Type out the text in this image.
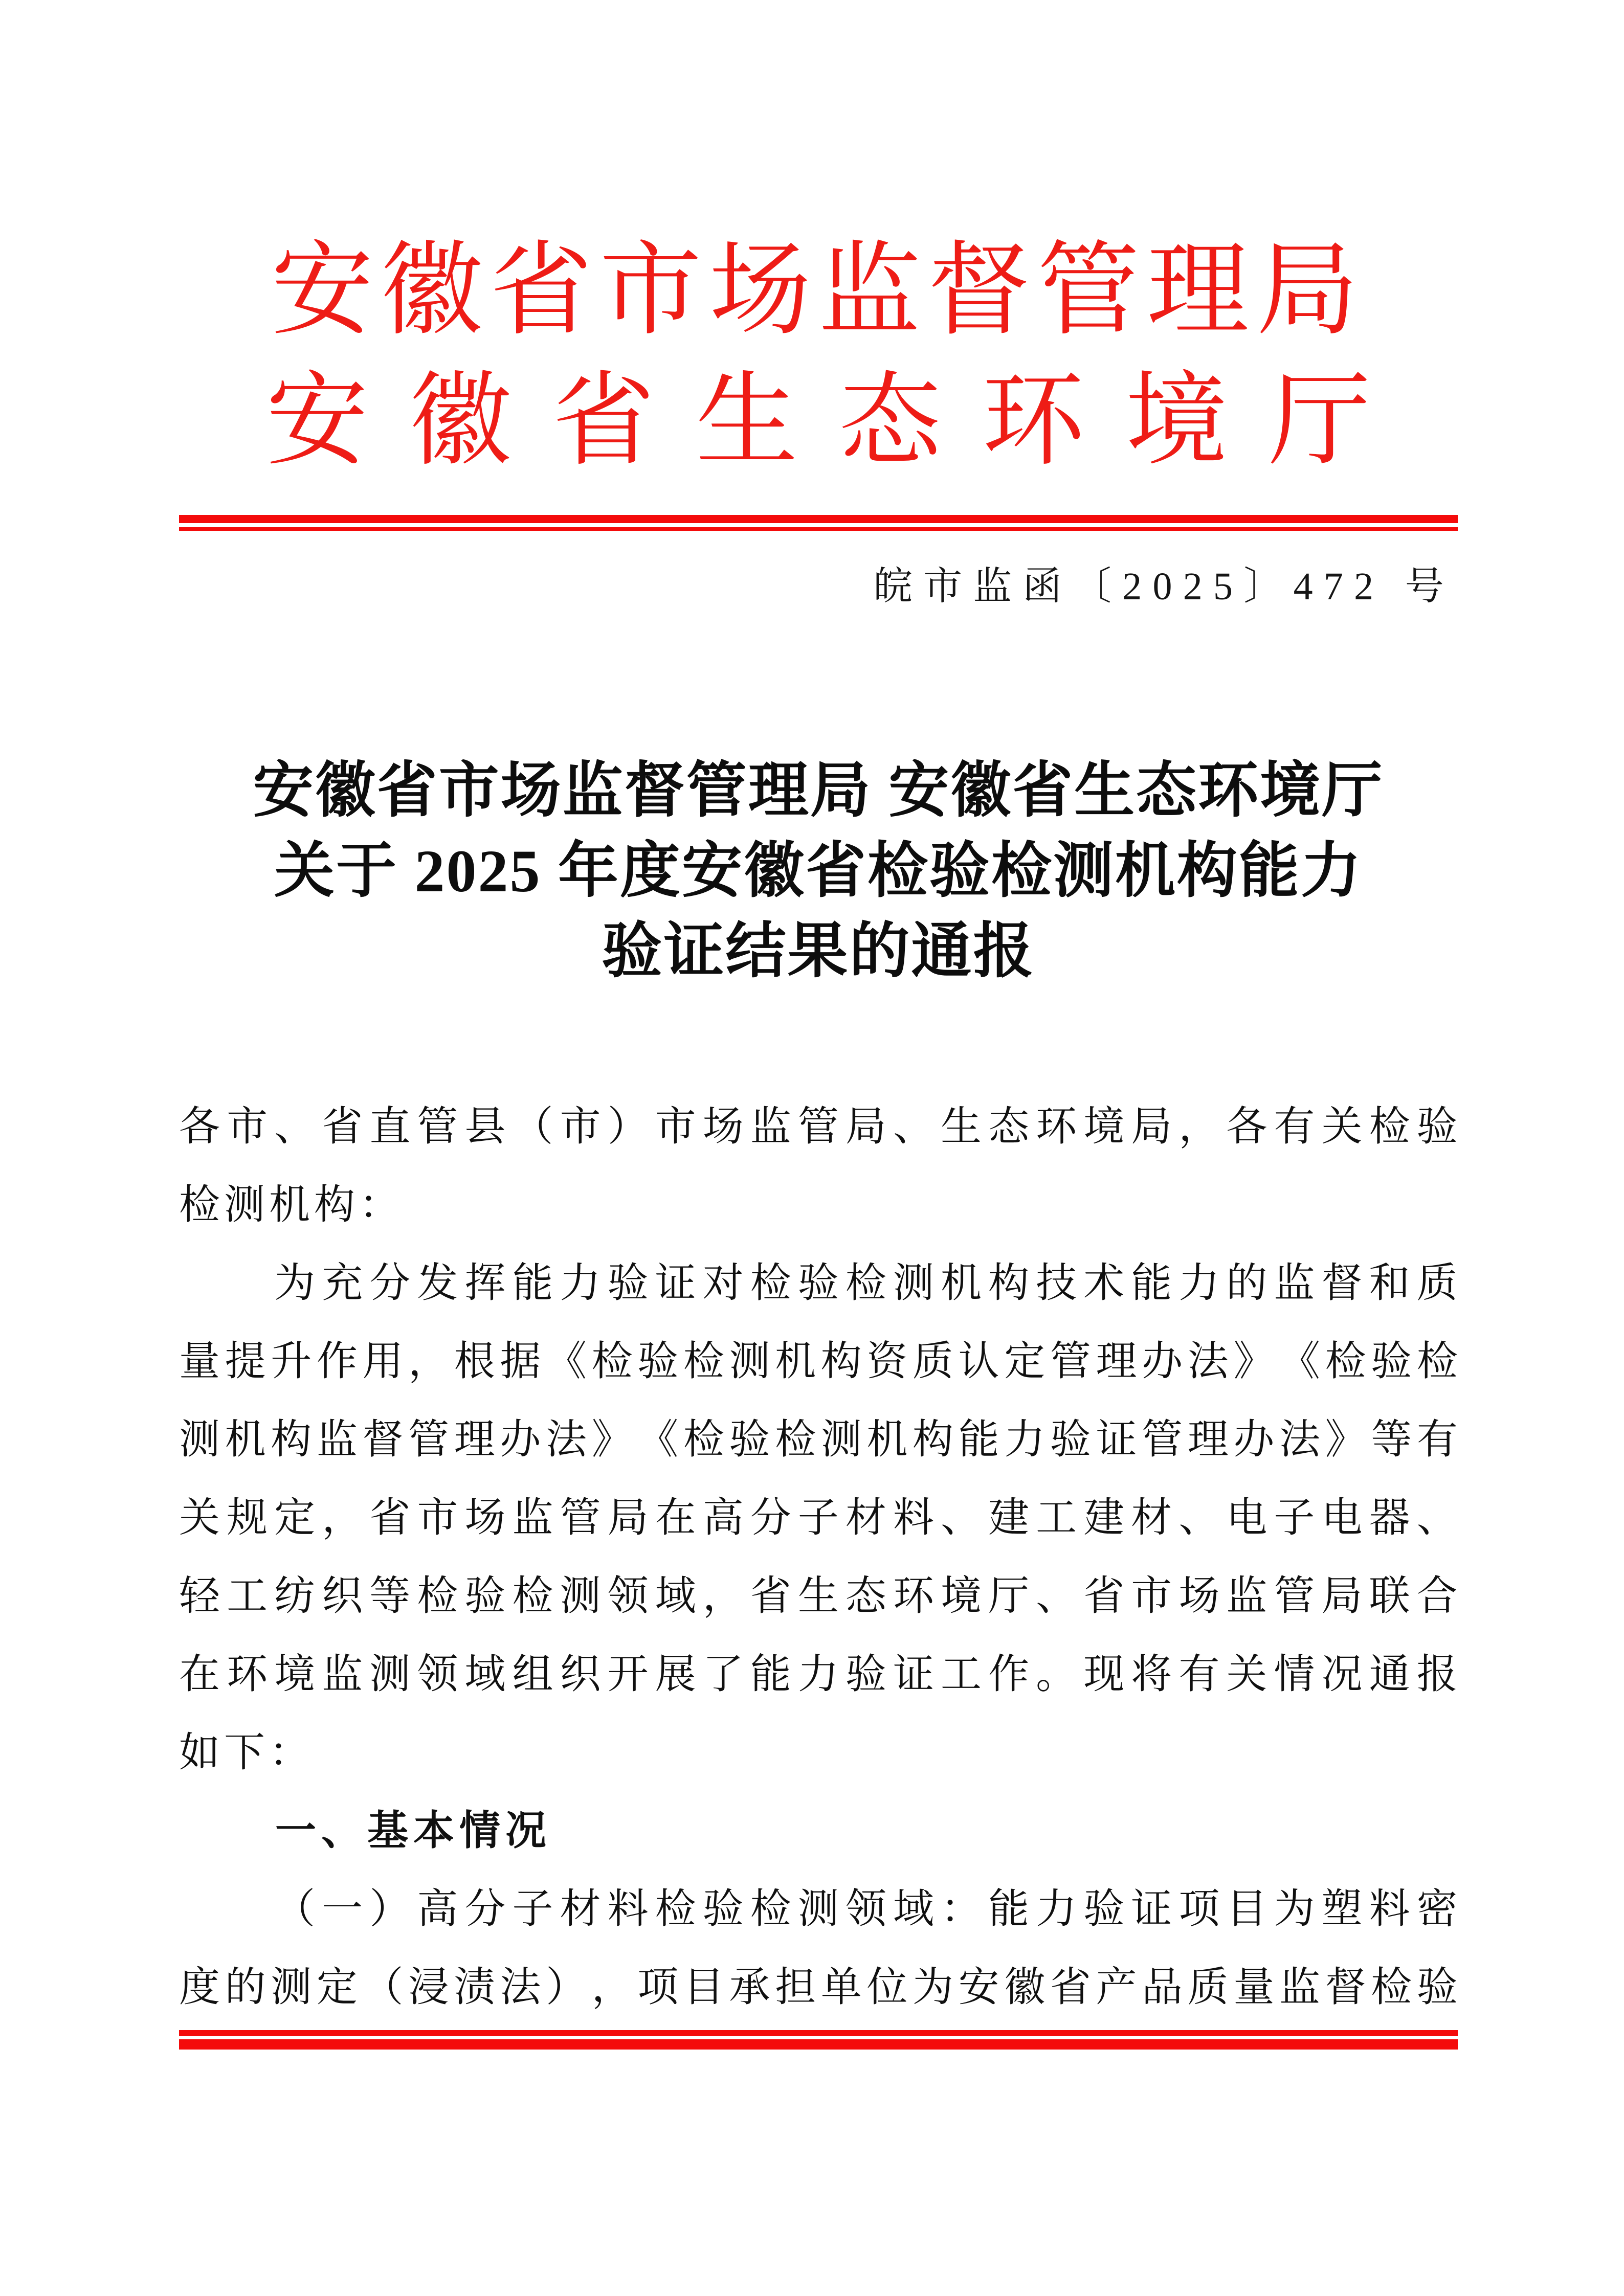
安徽省市场监督管理局
安徽省生态环境厅
皖市监函〔2025〕472 号
安徽省市场监督管理局 安徽省生态环境厅
关于 2025 年度安徽省检验检测机构能力
验证结果的通报
各 市 、 省 直 管 县 （ 市 ） 市 场 监 管 局 、 生 态 环 境 局 ， 各 有 关 检 验
检测机构：

为 充 分 发 挥 能 力 验 证 对 检 验 检 测 机 构 技 术 能 力 的 监 督 和 质
量 提 升 作 用 ， 根 据 《 检 验 检 测 机 构 资 质 认 定 管 理 办 法 》 《 检 验 检
测 机 构 监 督 管 理 办 法 》 《 检 验 检 测 机 构 能 力 验 证 管 理 办 法 》 等 有
关 规 定 ， 省 市 场 监 管 局 在 高 分 子 材 料 、 建 工 建 材 、 电 子 电 器 、
轻 工 纺 织 等 检 验 检 测 领 域 ， 省 生 态 环 境 厅 、 省 市 场 监 管 局 联 合
在 环 境 监 测 领 域 组 织 开 展 了 能 力 验 证 工 作 。 现 将 有 关 情 况 通 报
如下：
一、基本情况

（ 一 ） 高 分 子 材 料 检 验 检 测 领 域 ： 能 力 验 证 项 目 为 塑 料 密
度 的 测 定 （ 浸 渍 法 ） ， 项 目 承 担 单 位 为 安 徽 省 产 品 质 量 监 督 检 验
